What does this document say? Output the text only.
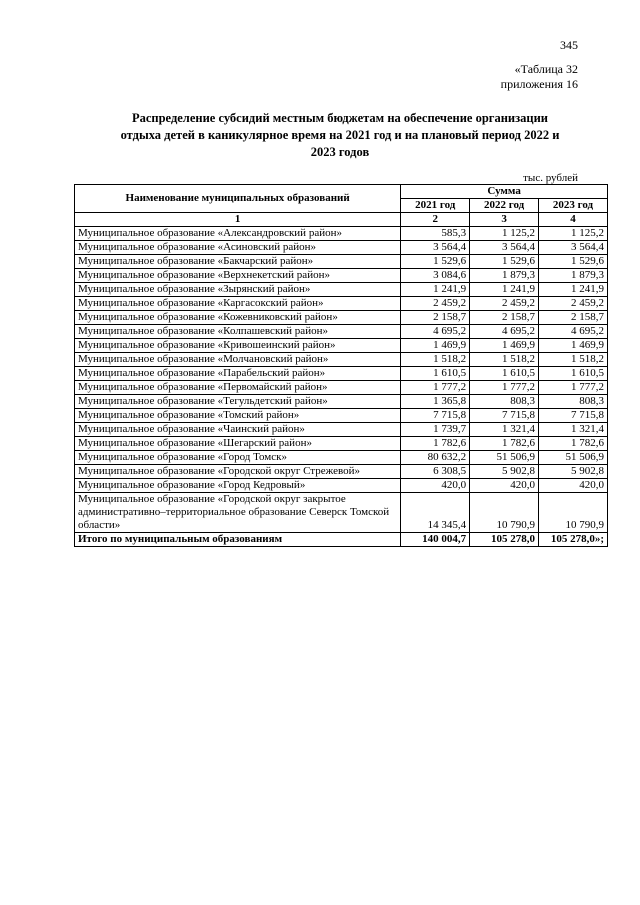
345
«Таблица 32
приложения 16
Распределение субсидий местным бюджетам на обеспечение организации
отдыха детей в каникулярное время на 2021 год и на плановый период 2022 и
2023 годов
тыс. рублей
Наименование муниципальных образований	Сумма		
	2021 год	2022 год	2023 год
1	2	3	4
Муниципальное образование «Александровский район»	585,3	1 125,2	1 125,2
Муниципальное образование «Асиновский район»	3 564,4	3 564,4	3 564,4
Муниципальное образование «Бакчарский район»	1 529,6	1 529,6	1 529,6
Муниципальное образование «Верхнекетский район»	3 084,6	1 879,3	1 879,3
Муниципальное образование «Зырянский район»	1 241,9	1 241,9	1 241,9
Муниципальное образование «Каргасокский район»	2 459,2	2 459,2	2 459,2
Муниципальное образование «Кожевниковский район»	2 158,7	2 158,7	2 158,7
Муниципальное образование «Колпашевский район»	4 695,2	4 695,2	4 695,2
Муниципальное образование «Кривошеинский район»	1 469,9	1 469,9	1 469,9
Муниципальное образование «Молчановский район»	1 518,2	1 518,2	1 518,2
Муниципальное образование «Парабельский район»	1 610,5	1 610,5	1 610,5
Муниципальное образование «Первомайский район»	1 777,2	1 777,2	1 777,2
Муниципальное образование «Тегульдетский район»	1 365,8	808,3	808,3
Муниципальное образование «Томский район»	7 715,8	7 715,8	7 715,8
Муниципальное образование «Чаинский район»	1 739,7	1 321,4	1 321,4
Муниципальное образование «Шегарский район»	1 782,6	1 782,6	1 782,6
Муниципальное образование «Город Томск»	80 632,2	51 506,9	51 506,9
Муниципальное образование «Городской округ Стрежевой»	6 308,5	5 902,8	5 902,8
Муниципальное образование «Город Кедровый»	420,0	420,0	420,0
Муниципальное образование «Городской округ закрытое административно–территориальное образование Северск Томской области»	14 345,4	10 790,9	10 790,9
Итого по муниципальным образованиям	140 004,7	105 278,0	105 278,0»;
